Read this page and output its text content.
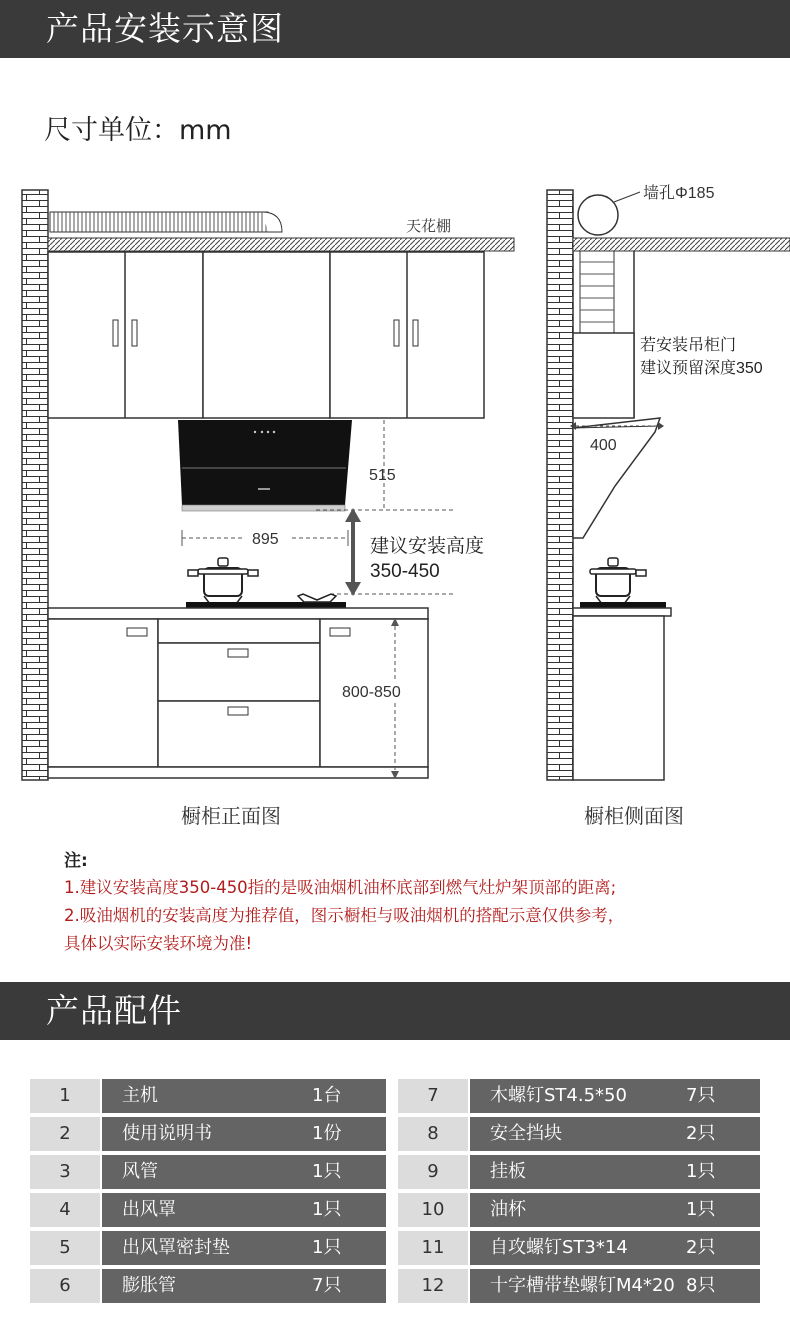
产品安装示意图
尺寸单位：mm
天花棚
515
895	建议安装高度
350-450
800-850
墙孔Φ185
若安装吊柜门
建议预留深度350
400
橱柜正面图	橱柜侧面图
注:
1.建议安装高度350-450指的是吸油烟机油杯底部到燃气灶炉架顶部的距离;
2.吸油烟机的安装高度为推荐值，图示橱柜与吸油烟机的搭配示意仅供参考，
具体以实际安装环境为准!
产品配件
1	主机	1台	7	木螺钉ST4.5*50	7只
2	使用说明书	1份	8	安全挡块	2只
3	风管	1只	9	挂板	1只
4	出风罩	1只	10	油杯	1只
5	出风罩密封垫	1只	11	自攻螺钉ST3*14	2只
6	膨胀管	7只	12	十字槽带垫螺钉M4*20 8只
